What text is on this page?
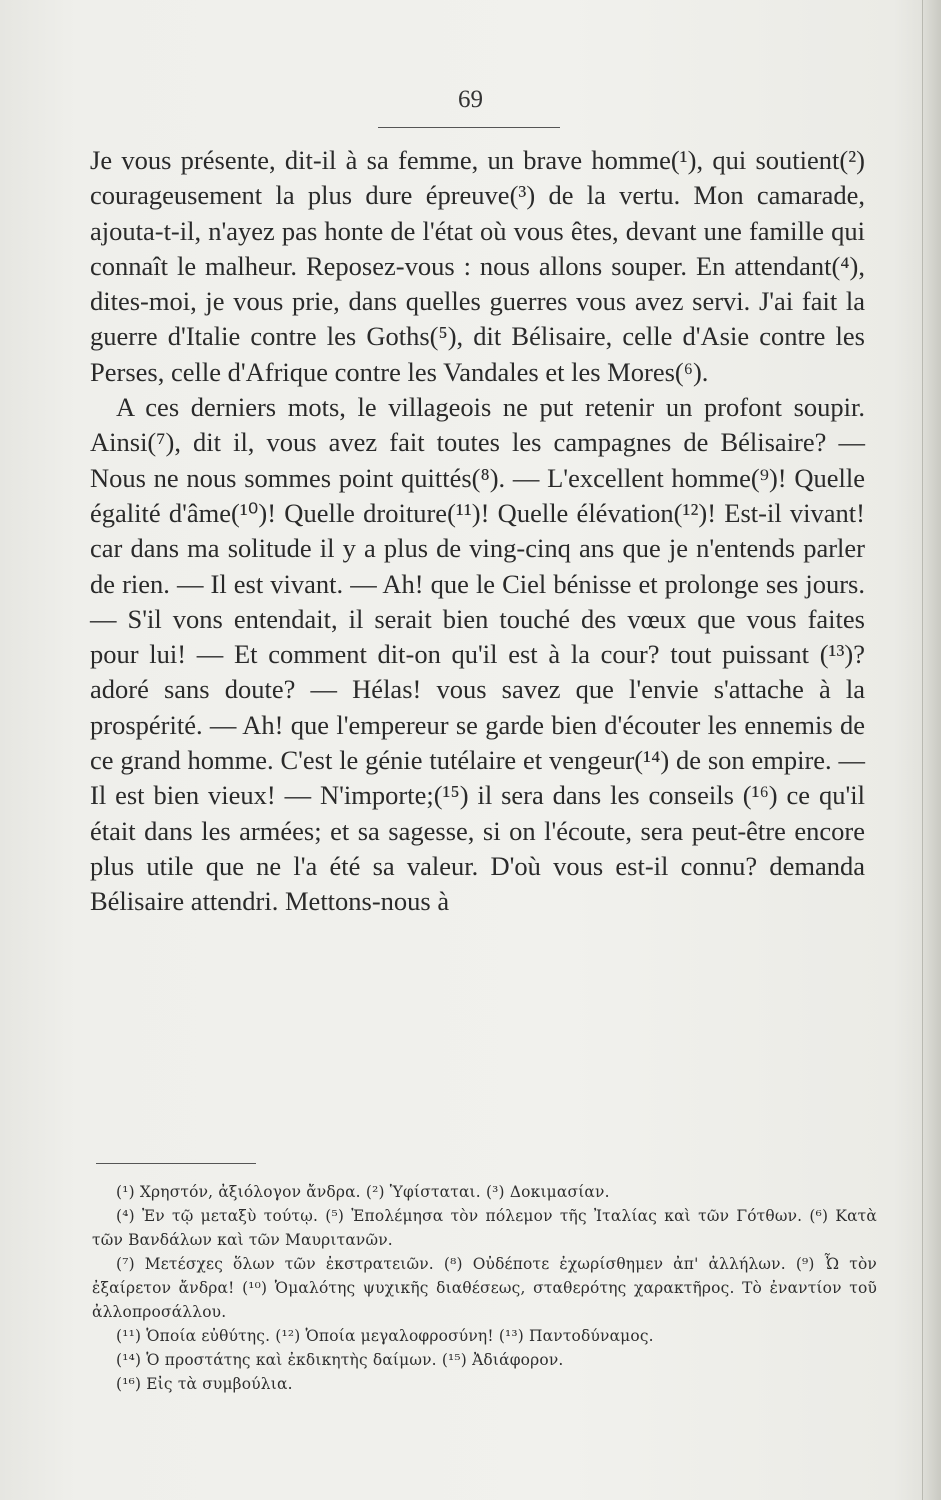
69

Je vous présente, dit-il à sa femme, un brave homme(¹), qui soutient(²) courageusement la plus dure épreuve(³) de la vertu. Mon camarade, ajouta-t-il, n'ayez pas honte de l'état où vous êtes, devant une famille qui connaît le malheur. Reposez-vous : nous allons souper. En attendant(⁴), dites-moi, je vous prie, dans quelles guerres vous avez servi. J'ai fait la guerre d'Italie contre les Goths(⁵), dit Bélisaire, celle d'Asie contre les Perses, celle d'Afrique contre les Vandales et les Mores(⁶).

A ces derniers mots, le villageois ne put retenir un profont soupir. Ainsi(⁷), dit il, vous avez fait toutes les campagnes de Bélisaire? — Nous ne nous sommes point quittés(⁸). — L'excellent homme(⁹)! Quelle égalité d'âme(¹⁰)! Quelle droiture(¹¹)! Quelle élévation(¹²)! Est-il vivant! car dans ma solitude il y a plus de ving-cinq ans que je n'entends parler de rien. — Il est vivant. — Ah! que le Ciel bénisse et prolonge ses jours. — S'il vons entendait, il serait bien touché des vœux que vous faites pour lui! — Et comment dit-on qu'il est à la cour? tout puissant (¹³)? adoré sans doute? — Hélas! vous savez que l'envie s'attache à la prospérité. — Ah! que l'empereur se garde bien d'écouter les ennemis de ce grand homme. C'est le génie tutélaire et vengeur(¹⁴) de son empire. — Il est bien vieux! — N'importe;(¹⁵) il sera dans les conseils (¹⁶) ce qu'il était dans les armées; et sa sagesse, si on l'écoute, sera peut-être encore plus utile que ne l'a été sa valeur. D'où vous est-il connu? demanda Bélisaire attendri. Mettons-nous à

(¹) Χρηστόν, ἀξιόλογον ἄνδρα. (²) Ὑφίσταται. (³) Δοκιμασίαν.

(⁴) Ἐν τῷ μεταξὺ τούτῳ. (⁵) Ἐπολέμησα τὸν πόλεμον τῆς Ἰταλίας καὶ τῶν Γότθων. (⁶) Κατὰ τῶν Βανδάλων καὶ τῶν Μαυριτανῶν.

(⁷) Μετέσχες ὅλων τῶν ἐκστρατειῶν. (⁸) Οὐδέποτε ἐχωρίσθημεν ἀπ' ἀλλήλων. (⁹) Ὦ τὸν ἐξαίρετον ἄνδρα! (¹⁰) Ὁμαλότης ψυχικῆς διαθέσεως, σταθερότης χαρακτῆρος. Τὸ ἐναντίον τοῦ ἀλλοπροσάλλου.

(¹¹) Ὁποία εὐθύτης. (¹²) Ὁποία μεγαλοφροσύνη! (¹³) Παντοδύναμος.

(¹⁴) Ὁ προστάτης καὶ ἐκδικητὴς δαίμων. (¹⁵) Ἀδιάφορον.

(¹⁶) Εἰς τὰ συμβούλια.
